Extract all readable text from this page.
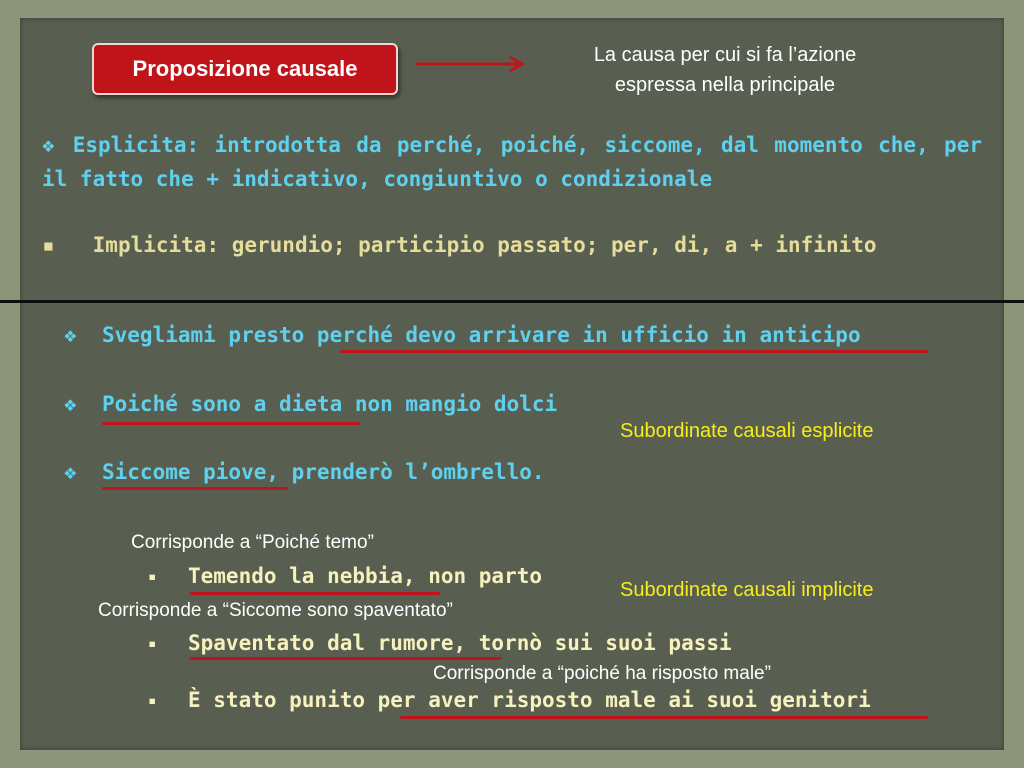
Proposizione causale
La causa per cui si fa l’azione
espressa nella principale
❖ Esplicita: introdotta da perché, poiché, siccome, dal momento che, per il fatto che + indicativo, congiuntivo o condizionale
▪ Implicita: gerundio; participio passato; per, di, a + infinito
❖ Svegliami presto perché devo arrivare in ufficio in anticipo
❖ Poiché sono a dieta non mangio dolci
Subordinate causali esplicite
❖ Siccome piove, prenderò l’ombrello.
Corrisponde a “Poiché temo”
▪ Temendo la nebbia, non parto
Subordinate causali implicite
Corrisponde a “Siccome sono spaventato”
▪ Spaventato dal rumore, tornò sui suoi passi
Corrisponde a “poiché ha risposto male”
▪ È stato punito per aver risposto male ai suoi genitori
